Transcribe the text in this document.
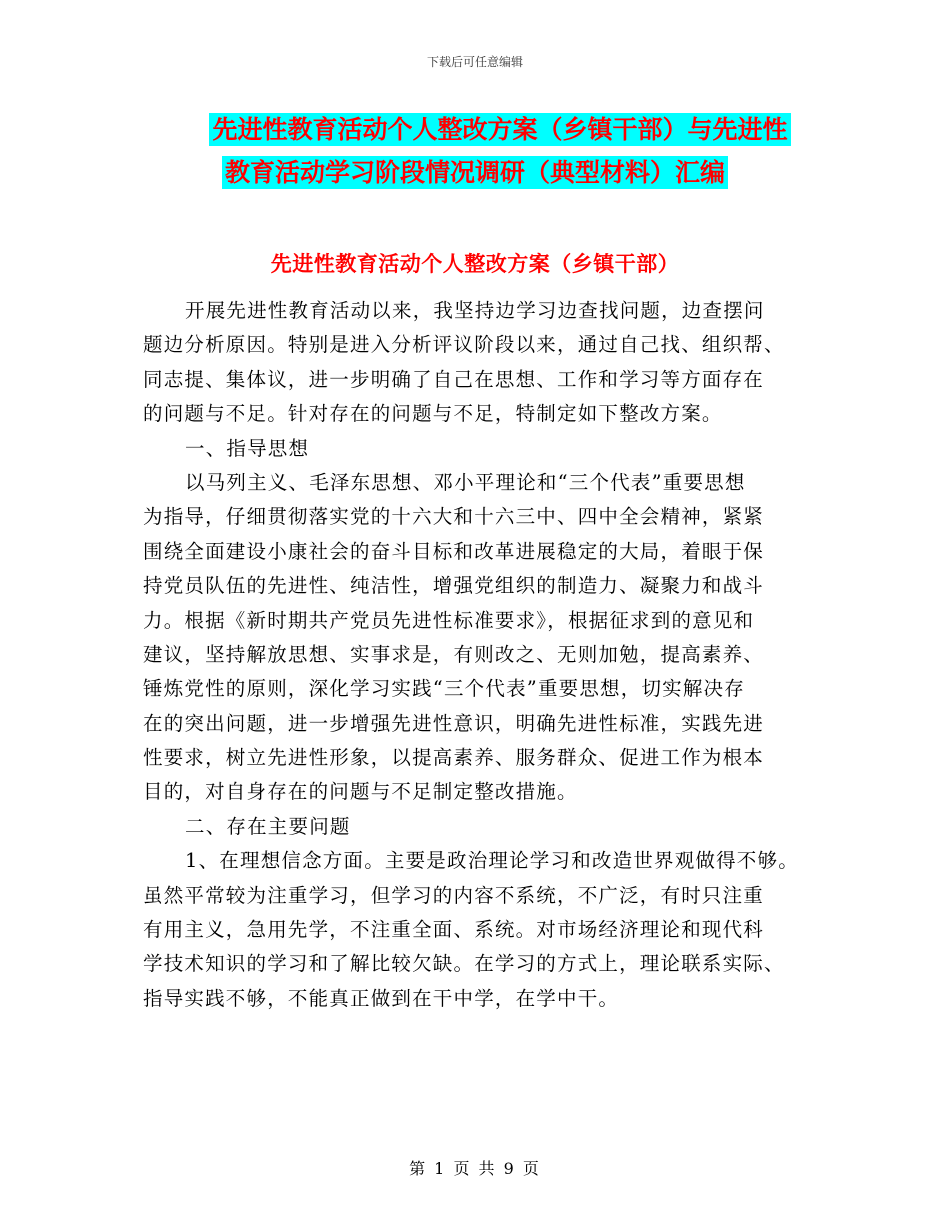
下载后可任意编辑
先进性教育活动个人整改方案（乡镇干部）与先进性
教育活动学习阶段情况调研（典型材料）汇编
先进性教育活动个人整改方案（乡镇干部）
开展先进性教育活动以来，我坚持边学习边查找问题，边查摆问
题边分析原因。特别是进入分析评议阶段以来，通过自己找、组织帮、
同志提、集体议，进一步明确了自己在思想、工作和学习等方面存在
的问题与不足。针对存在的问题与不足，特制定如下整改方案。
一、指导思想
以马列主义、毛泽东思想、邓小平理论和“三个代表”重要思想
为指导，仔细贯彻落实党的十六大和十六三中、四中全会精神，紧紧
围绕全面建设小康社会的奋斗目标和改革进展稳定的大局，着眼于保
持党员队伍的先进性、纯洁性，增强党组织的制造力、凝聚力和战斗
力。根据《新时期共产党员先进性标准要求》，根据征求到的意见和
建议，坚持解放思想、实事求是，有则改之、无则加勉，提高素养、
锤炼党性的原则，深化学习实践“三个代表”重要思想，切实解决存
在的突出问题，进一步增强先进性意识，明确先进性标准，实践先进
性要求，树立先进性形象，以提高素养、服务群众、促进工作为根本
目的，对自身存在的问题与不足制定整改措施。
二、存在主要问题
1、在理想信念方面。主要是政治理论学习和改造世界观做得不够。
虽然平常较为注重学习，但学习的内容不系统，不广泛，有时只注重
有用主义，急用先学，不注重全面、系统。对市场经济理论和现代科
学技术知识的学习和了解比较欠缺。在学习的方式上，理论联系实际、
指导实践不够，不能真正做到在干中学，在学中干。
第 1 页 共 9 页
